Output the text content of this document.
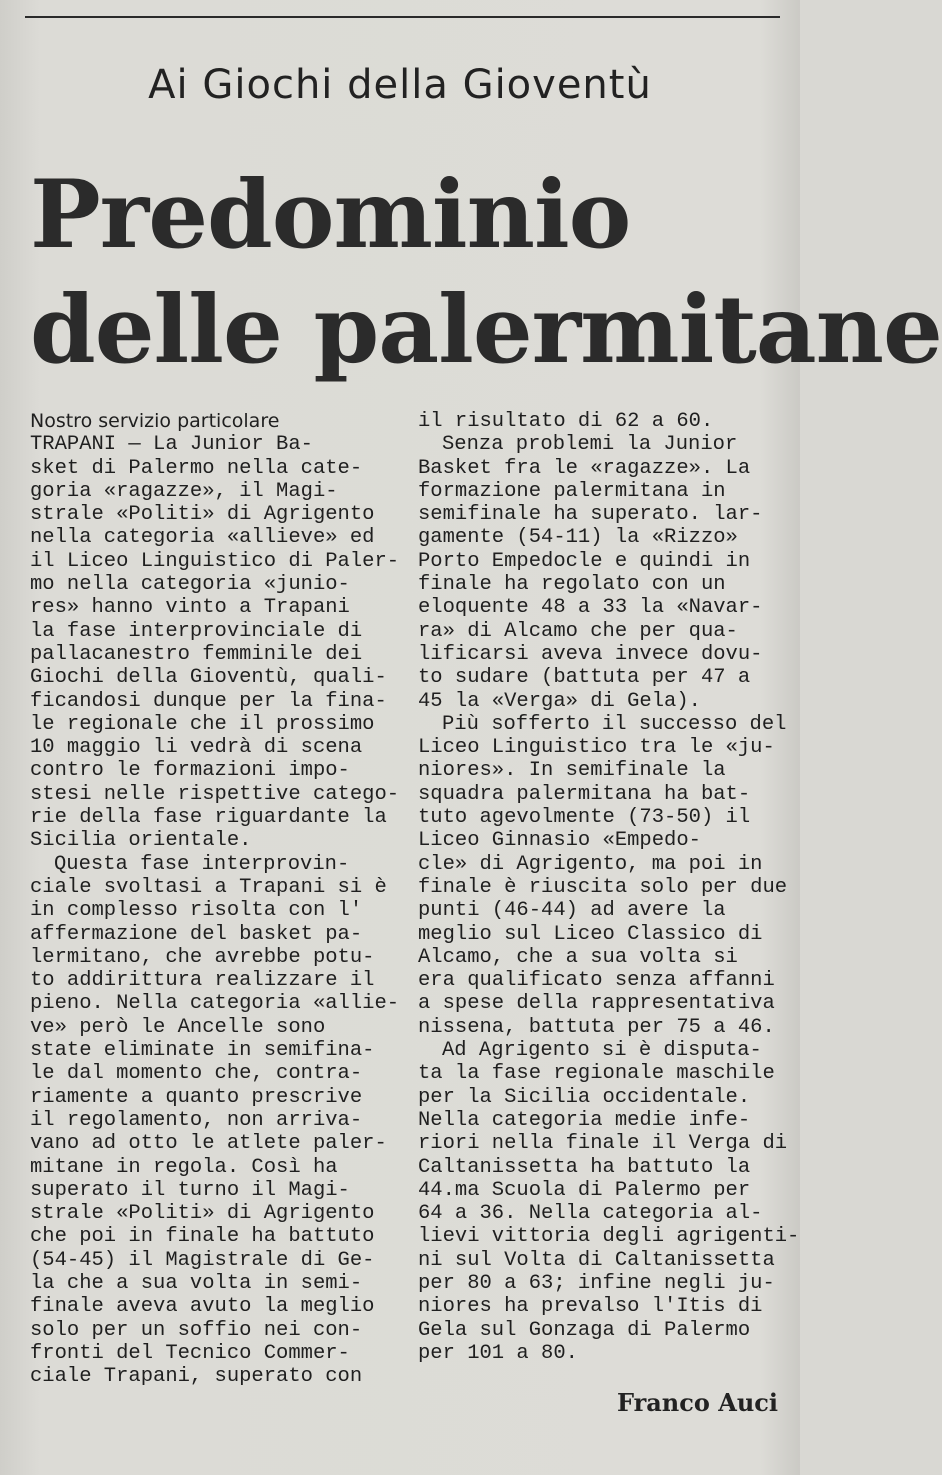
Ai Giochi della Gioventù
Predominio
delle palermitane
Nostro servizio particolare
TRAPANI — La Junior Ba-
sket di Palermo nella cate-
goria «ragazze», il Magi-
strale «Politi» di Agrigento
nella categoria «allieve» ed
il Liceo Linguistico di Paler-
mo nella categoria «junio-
res» hanno vinto a Trapani
la fase interprovinciale di
pallacanestro femminile dei
Giochi della Gioventù, quali-
ficandosi dunque per la fina-
le regionale che il prossimo
10 maggio li vedrà di scena
contro le formazioni impo-
stesi nelle rispettive catego-
rie della fase riguardante la
Sicilia orientale.
Questa fase interprovin-
ciale svoltasi a Trapani si è
in complesso risolta con l'
affermazione del basket pa-
lermitano, che avrebbe potu-
to addirittura realizzare il
pieno. Nella categoria «allie-
ve» però le Ancelle sono
state eliminate in semifina-
le dal momento che, contra-
riamente a quanto prescrive
il regolamento, non arriva-
vano ad otto le atlete paler-
mitane in regola. Così ha
superato il turno il Magi-
strale «Politi» di Agrigento
che poi in finale ha battuto
(54-45) il Magistrale di Ge-
la che a sua volta in semi-
finale aveva avuto la meglio
solo per un soffio nei con-
fronti del Tecnico Commer-
ciale Trapani, superato con
il risultato di 62 a 60.
Senza problemi la Junior
Basket fra le «ragazze». La
formazione palermitana in
semifinale ha superato. lar-
gamente (54-11) la «Rizzo»
Porto Empedocle e quindi in
finale ha regolato con un
eloquente 48 a 33 la «Navar-
ra» di Alcamo che per qua-
lificarsi aveva invece dovu-
to sudare (battuta per 47 a
45 la «Verga» di Gela).
Più sofferto il successo del
Liceo Linguistico tra le «ju-
niores». In semifinale la
squadra palermitana ha bat-
tuto agevolmente (73-50) il
Liceo Ginnasio «Empedo-
cle» di Agrigento, ma poi in
finale è riuscita solo per due
punti (46-44) ad avere la
meglio sul Liceo Classico di
Alcamo, che a sua volta si
era qualificato senza affanni
a spese della rappresentativa
nissena, battuta per 75 a 46.
Ad Agrigento si è disputa-
ta la fase regionale maschile
per la Sicilia occidentale.
Nella categoria medie infe-
riori nella finale il Verga di
Caltanissetta ha battuto la
44.ma Scuola di Palermo per
64 a 36. Nella categoria al-
lievi vittoria degli agrigenti-
ni sul Volta di Caltanissetta
per 80 a 63; infine negli ju-
niores ha prevalso l'Itis di
Gela sul Gonzaga di Palermo
per 101 a 80.
Franco Auci
